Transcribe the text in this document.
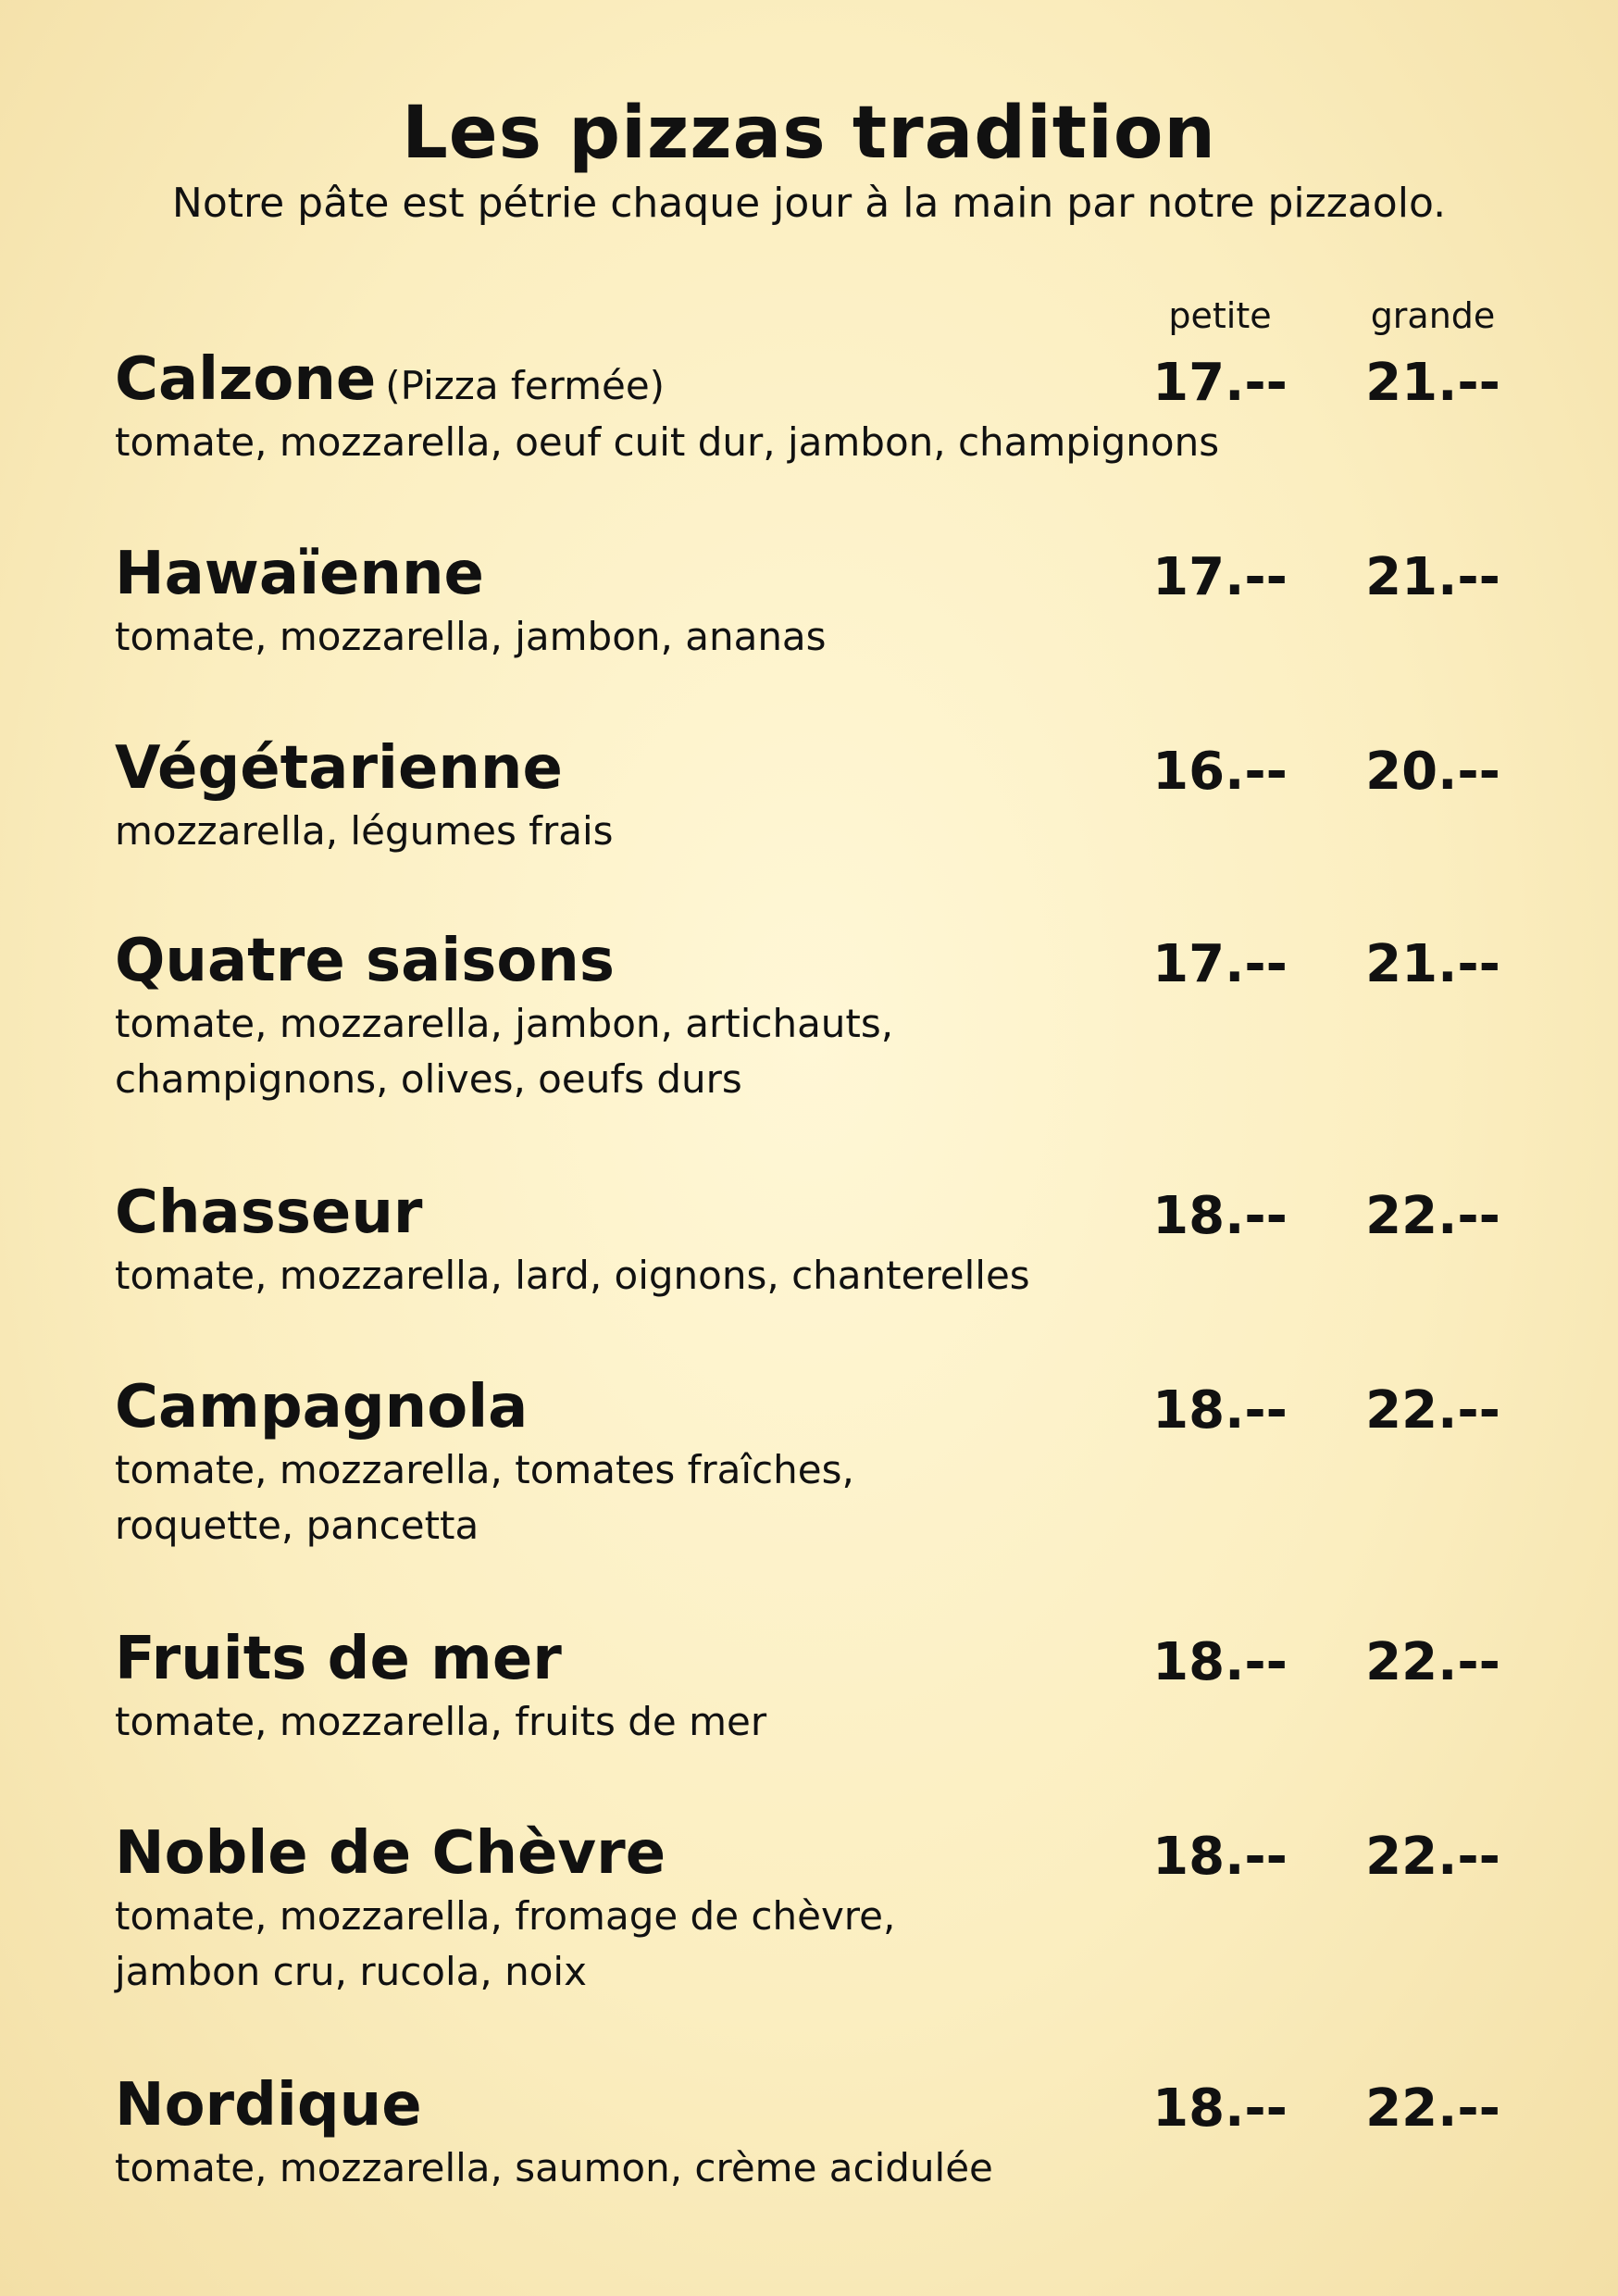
Les pizzas tradition
Notre pâte est pétrie chaque jour à la main par notre pizzaolo.
petite	grande
Calzone (Pizza fermée)
tomate, mozzarella, oeuf cuit dur, jambon, champignons
17.--	21.--
Hawaïenne
tomate, mozzarella, jambon, ananas
17.--	21.--
Végétarienne
mozzarella, légumes frais
16.--	20.--
Quatre saisons
tomate, mozzarella, jambon, artichauts,
champignons, olives, oeufs durs
17.--	21.--
Chasseur
tomate, mozzarella, lard, oignons, chanterelles
18.--	22.--
Campagnola
tomate, mozzarella, tomates fraîches,
roquette, pancetta
18.--	22.--
Fruits de mer
tomate, mozzarella, fruits de mer
18.--	22.--
Noble de Chèvre
tomate, mozzarella, fromage de chèvre,
jambon cru, rucola, noix
18.--	22.--
Nordique
tomate, mozzarella, saumon, crème acidulée
18.--	22.--
